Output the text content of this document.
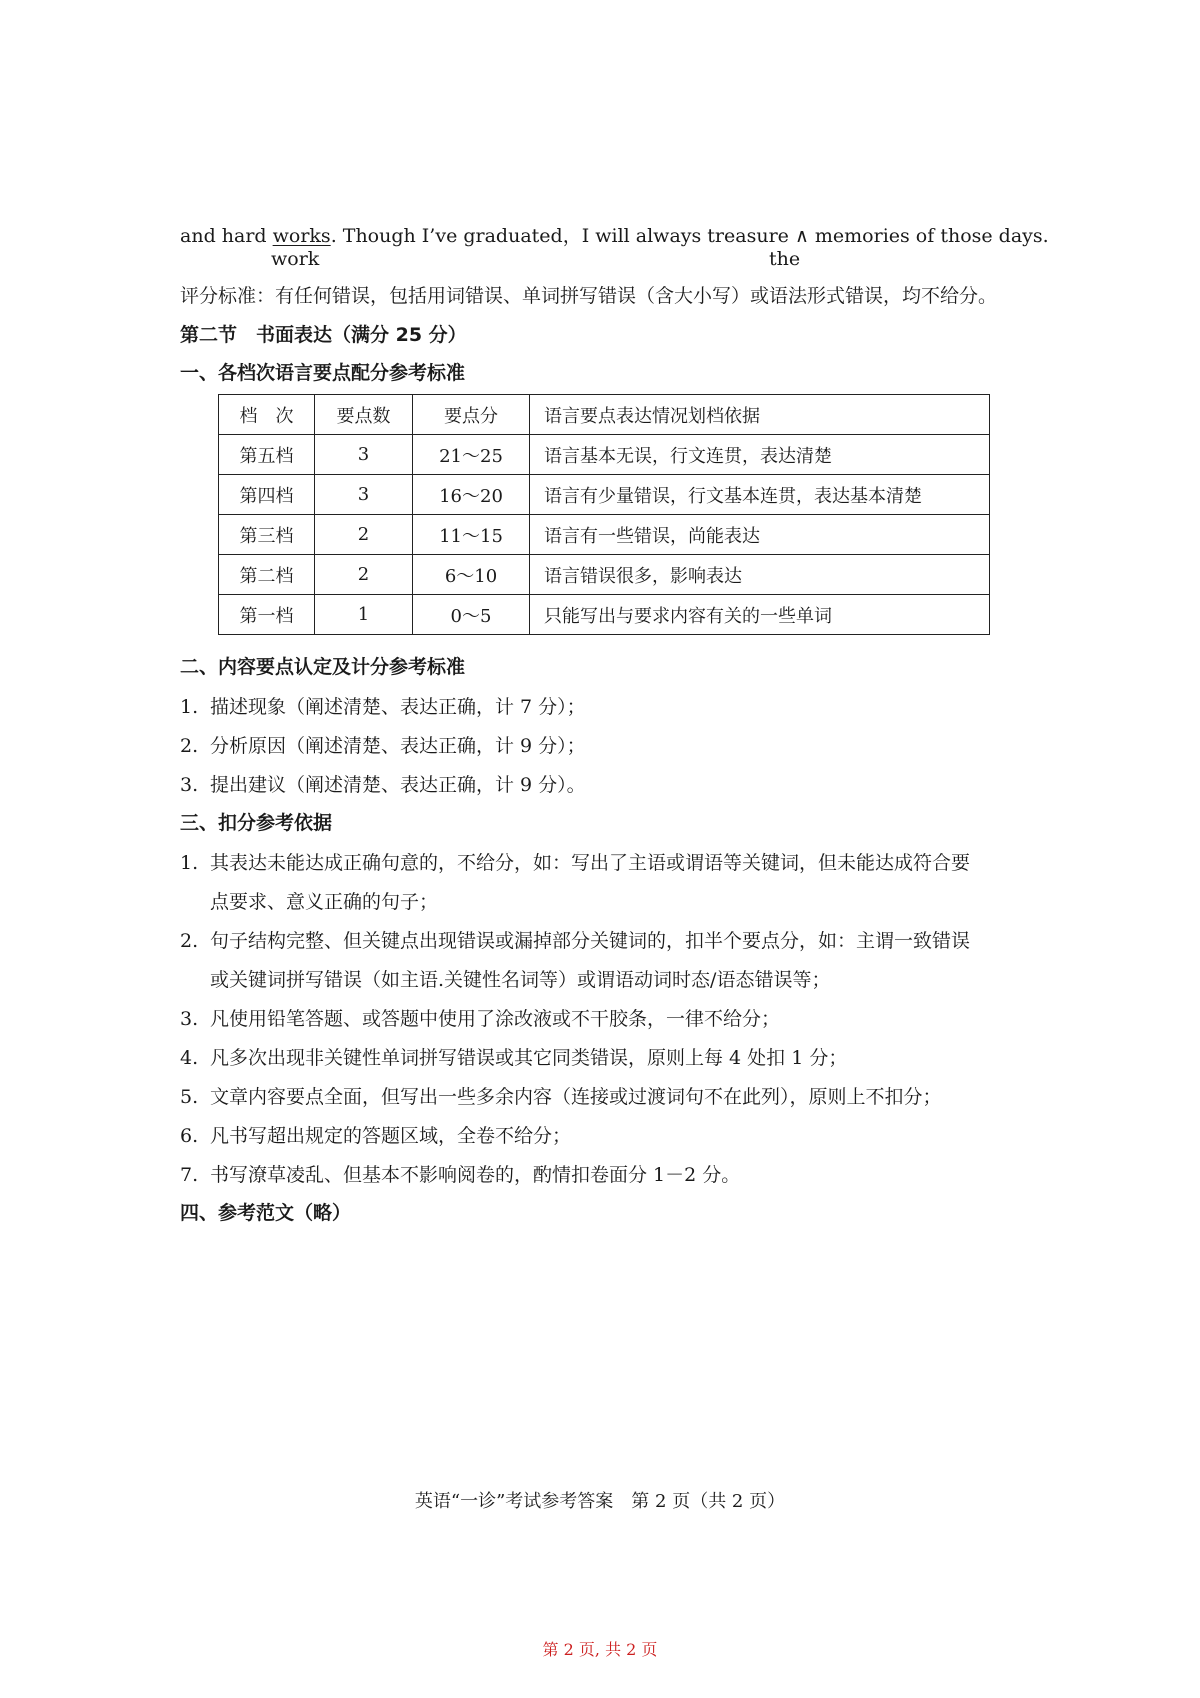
and hard works. Though I’ve graduated，I will always treasure ∧ memories of those days.
work	the
评分标准：有任何错误，包括用词错误、单词拼写错误（含大小写）或语法形式错误，均不给分。
第二节　书面表达（满分 25 分）
一、各档次语言要点配分参考标准
档　次	要点数	要点分	语言要点表达情况划档依据
第五档	3	21～25	语言基本无误，行文连贯，表达清楚
第四档	3	16～20	语言有少量错误，行文基本连贯，表达基本清楚
第三档	2	11～15	语言有一些错误，尚能表达
第二档	2	6～10	语言错误很多，影响表达
第一档	1	0～5	只能写出与要求内容有关的一些单词
二、内容要点认定及计分参考标准
1. 描述现象（阐述清楚、表达正确，计 7 分）；
2. 分析原因（阐述清楚、表达正确，计 9 分）；
3. 提出建议（阐述清楚、表达正确，计 9 分）。
三、扣分参考依据
1. 其表达未能达成正确句意的，不给分，如：写出了主语或谓语等关键词，但未能达成符合要
点要求、意义正确的句子；
2. 句子结构完整、但关键点出现错误或漏掉部分关键词的，扣半个要点分，如：主谓一致错误
或关键词拼写错误（如主语.关键性名词等）或谓语动词时态/语态错误等；
3. 凡使用铅笔答题、或答题中使用了涂改液或不干胶条，一律不给分；
4. 凡多次出现非关键性单词拼写错误或其它同类错误，原则上每 4 处扣 1 分；
5. 文章内容要点全面，但写出一些多余内容（连接或过渡词句不在此列），原则上不扣分；
6. 凡书写超出规定的答题区域，全卷不给分；
7. 书写潦草凌乱、但基本不影响阅卷的，酌情扣卷面分 1－2 分。
四、参考范文（略）
英语“一诊”考试参考答案　第 2 页（共 2 页）
第 2 页, 共 2 页
